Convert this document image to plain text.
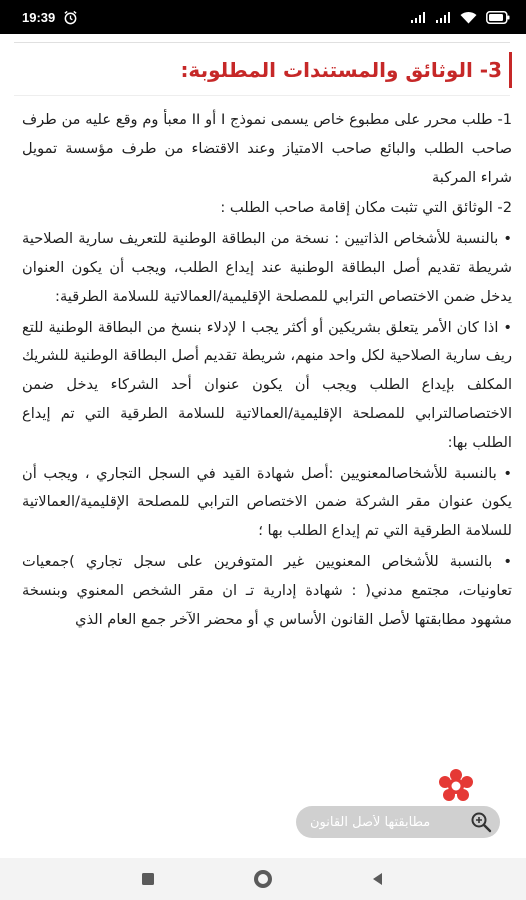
19:39
3- الوثائق والمستندات المطلوبة:

1- طلب محرر على مطبوع خاص يسمى نموذج I أو II معبأ وم وقع عليه من طرف صاحب الطلب والبائع صاحب الامتياز وعند الاقتضاء من طرف مؤسسة تمويل شراء المركبة

2- الوثائق التي تثبت مكان إقامة صاحب الطلب :

• بالنسبة للأشخاص الذاتيين : نسخة من البطاقة الوطنية للتعريف سارية الصلاحية شريطة تقديم أصل البطاقة الوطنية عند إيداع الطلب، ويجب أن يكون العنوان يدخل ضمن الاختصاص الترابي للمصلحة الإقليمية/العمالاتية للسلامة الطرقية:

• اذا كان الأمر يتعلق بشريكين أو أكثر يجب ا لإدلاء بنسخ من البطاقة الوطنية للتع ريف سارية الصلاحية لكل واحد منهم، شريطة تقديم أصل البطاقة الوطنية للشريك المكلف بإيداع الطلب ويجب أن يكون عنوان أحد الشركاء يدخل ضمن الاختصاصالترابي للمصلحة الإقليمية/العمالاتية للسلامة الطرقية التي تم إيداع الطلب بها:

• بالنسبة للأشخاصالمعنويين :أصل شهادة القيد في السجل التجاري ، ويجب أن يكون عنوان مقر الشركة ضمن الاختصاص الترابي للمصلحة الإقليمية/العمالاتية للسلامة الطرقية التي تم إيداع الطلب بها ؛

• بالنسبة للأشخاص المعنويين غير المتوفرين على سجل تجاري )جمعيات تعاونيات، مجتمع مدني( : شهادة إدارية تـ ان مقر الشخص المعنوي وبنسخة مشهود مطابقتها لأصل القانون الأساس ي أو محضر الآخر جمع العام الذي

مطابقتها لأصل القانون
